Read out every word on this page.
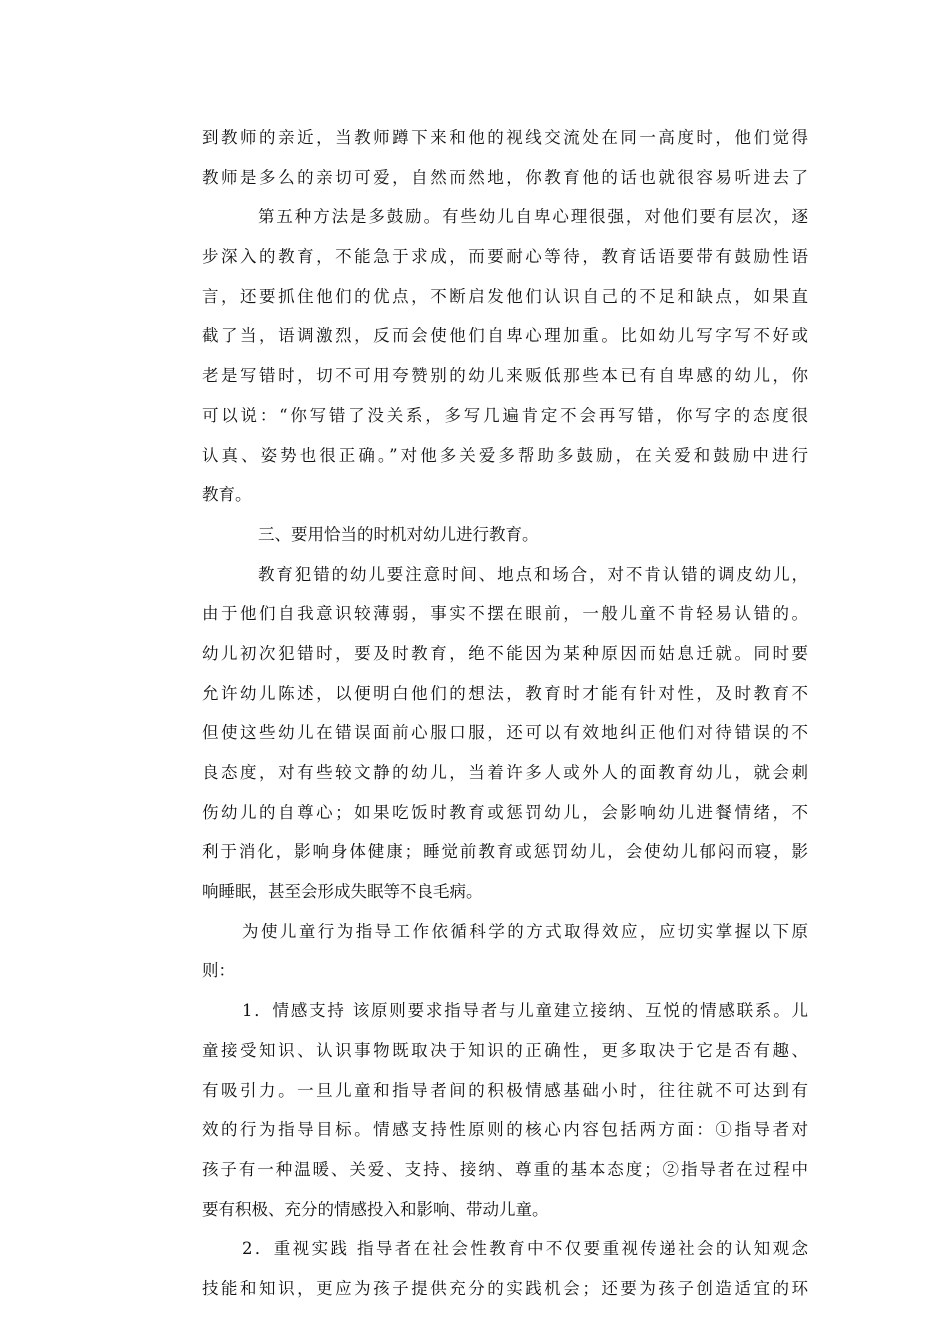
到教师的亲近，当教师蹲下来和他的视线交流处在同一高度时，他们觉得
教师是多么的亲切可爱，自然而然地，你教育他的话也就很容易听进去了
第五种方法是多鼓励。有些幼儿自卑心理很强，对他们要有层次，逐
步深入的教育，不能急于求成，而要耐心等待，教育话语要带有鼓励性语
言，还要抓住他们的优点，不断启发他们认识自己的不足和缺点，如果直
截了当，语调激烈，反而会使他们自卑心理加重。比如幼儿写字写不好或
老是写错时，切不可用夸赞别的幼儿来贩低那些本已有自卑感的幼儿，你
可以说：“你写错了没关系，多写几遍肯定不会再写错，你写字的态度很
认真、姿势也很正确。”对他多关爱多帮助多鼓励，在关爱和鼓励中进行
教育。
三、要用恰当的时机对幼儿进行教育。
教育犯错的幼儿要注意时间、地点和场合，对不肯认错的调皮幼儿，
由于他们自我意识较薄弱，事实不摆在眼前，一般儿童不肯轻易认错的。
幼儿初次犯错时，要及时教育，绝不能因为某种原因而姑息迁就。同时要
允许幼儿陈述，以便明白他们的想法，教育时才能有针对性，及时教育不
但使这些幼儿在错误面前心服口服，还可以有效地纠正他们对待错误的不
良态度，对有些较文静的幼儿，当着许多人或外人的面教育幼儿，就会刺
伤幼儿的自尊心；如果吃饭时教育或惩罚幼儿，会影响幼儿进餐情绪，不
利于消化，影响身体健康；睡觉前教育或惩罚幼儿，会使幼儿郁闷而寝，影
响睡眠，甚至会形成失眠等不良毛病。
为使儿童行为指导工作依循科学的方式取得效应，应切实掌握以下原
则：
1．情感支持 该原则要求指导者与儿童建立接纳、互悦的情感联系。儿
童接受知识、认识事物既取决于知识的正确性，更多取决于它是否有趣、
有吸引力。一旦儿童和指导者间的积极情感基础小时，往往就不可达到有
效的行为指导目标。情感支持性原则的核心内容包括两方面：①指导者对
孩子有一种温暖、关爱、支持、接纳、尊重的基本态度；②指导者在过程中
要有积极、充分的情感投入和影响、带动儿童。
2．重视实践 指导者在社会性教育中不仅要重视传递社会的认知观念
技能和知识，更应为孩子提供充分的实践机会；还要为孩子创造适宜的环
